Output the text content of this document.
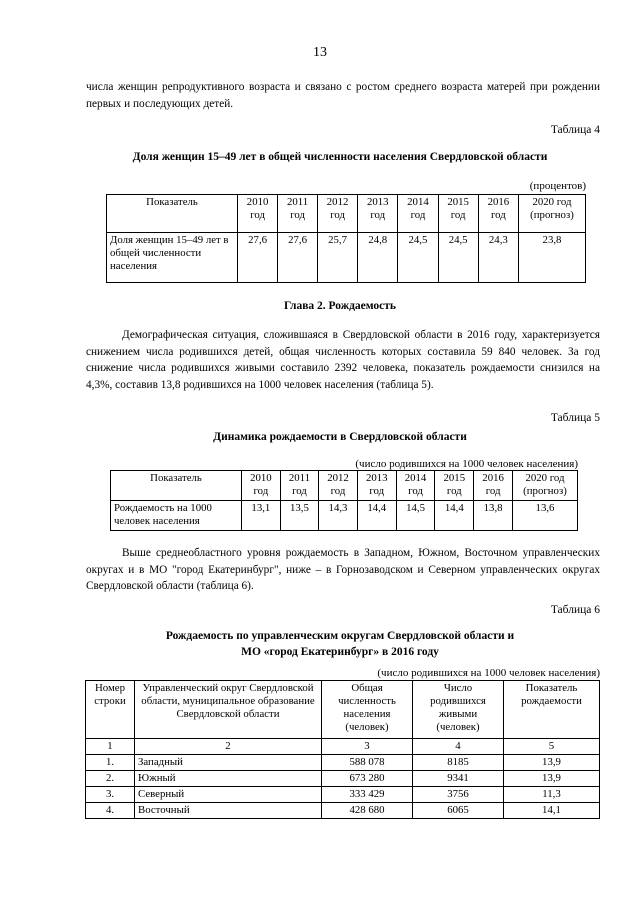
13
числа женщин репродуктивного возраста и связано с ростом среднего возраста матерей при рождении первых и последующих детей.
Таблица 4
Доля женщин 15–49 лет в общей численности населения Свердловской области
(процентов)
Показатель	2010 год	2011 год	2012 год	2013 год	2014 год	2015 год	2016 год	2020 год (прогноз)
Доля женщин 15–49 лет в общей численности населения	27,6	27,6	25,7	24,8	24,5	24,5	24,3	23,8
Глава 2. Рождаемость
Демографическая ситуация, сложившаяся в Свердловской области в 2016 году, характеризуется снижением числа родившихся детей, общая численность которых составила 59 840 человек. За год снижение числа родившихся живыми составило 2392 человека, показатель рождаемости снизился на 4,3%, составив 13,8 родившихся на 1000 человек населения (таблица 5).
Таблица 5
Динамика рождаемости в Свердловской области
(число родившихся на 1000 человек населения)
Показатель	2010 год	2011 год	2012 год	2013 год	2014 год	2015 год	2016 год	2020 год (прогноз)
Рождаемость на 1000 человек населения	13,1	13,5	14,3	14,4	14,5	14,4	13,8	13,6
Выше среднеобластного уровня рождаемость в Западном, Южном, Восточном управленческих округах и в МО "город Екатеринбург", ниже – в Горнозаводском и Северном управленческих округах Свердловской области (таблица 6).
Таблица 6
Рождаемость по управленческим округам Свердловской области и
МО «город Екатеринбург» в 2016 году
(число родившихся на 1000 человек населения)
Номер строки	Управленческий округ Свердловской области, муниципальное образование Свердловской области	Общая численность населения (человек)	Число родившихся живыми (человек)	Показатель рождаемости
1	2	3	4	5
1.	Западный	588 078	8185	13,9
2.	Южный	673 280	9341	13,9
3.	Северный	333 429	3756	11,3
4.	Восточный	428 680	6065	14,1
